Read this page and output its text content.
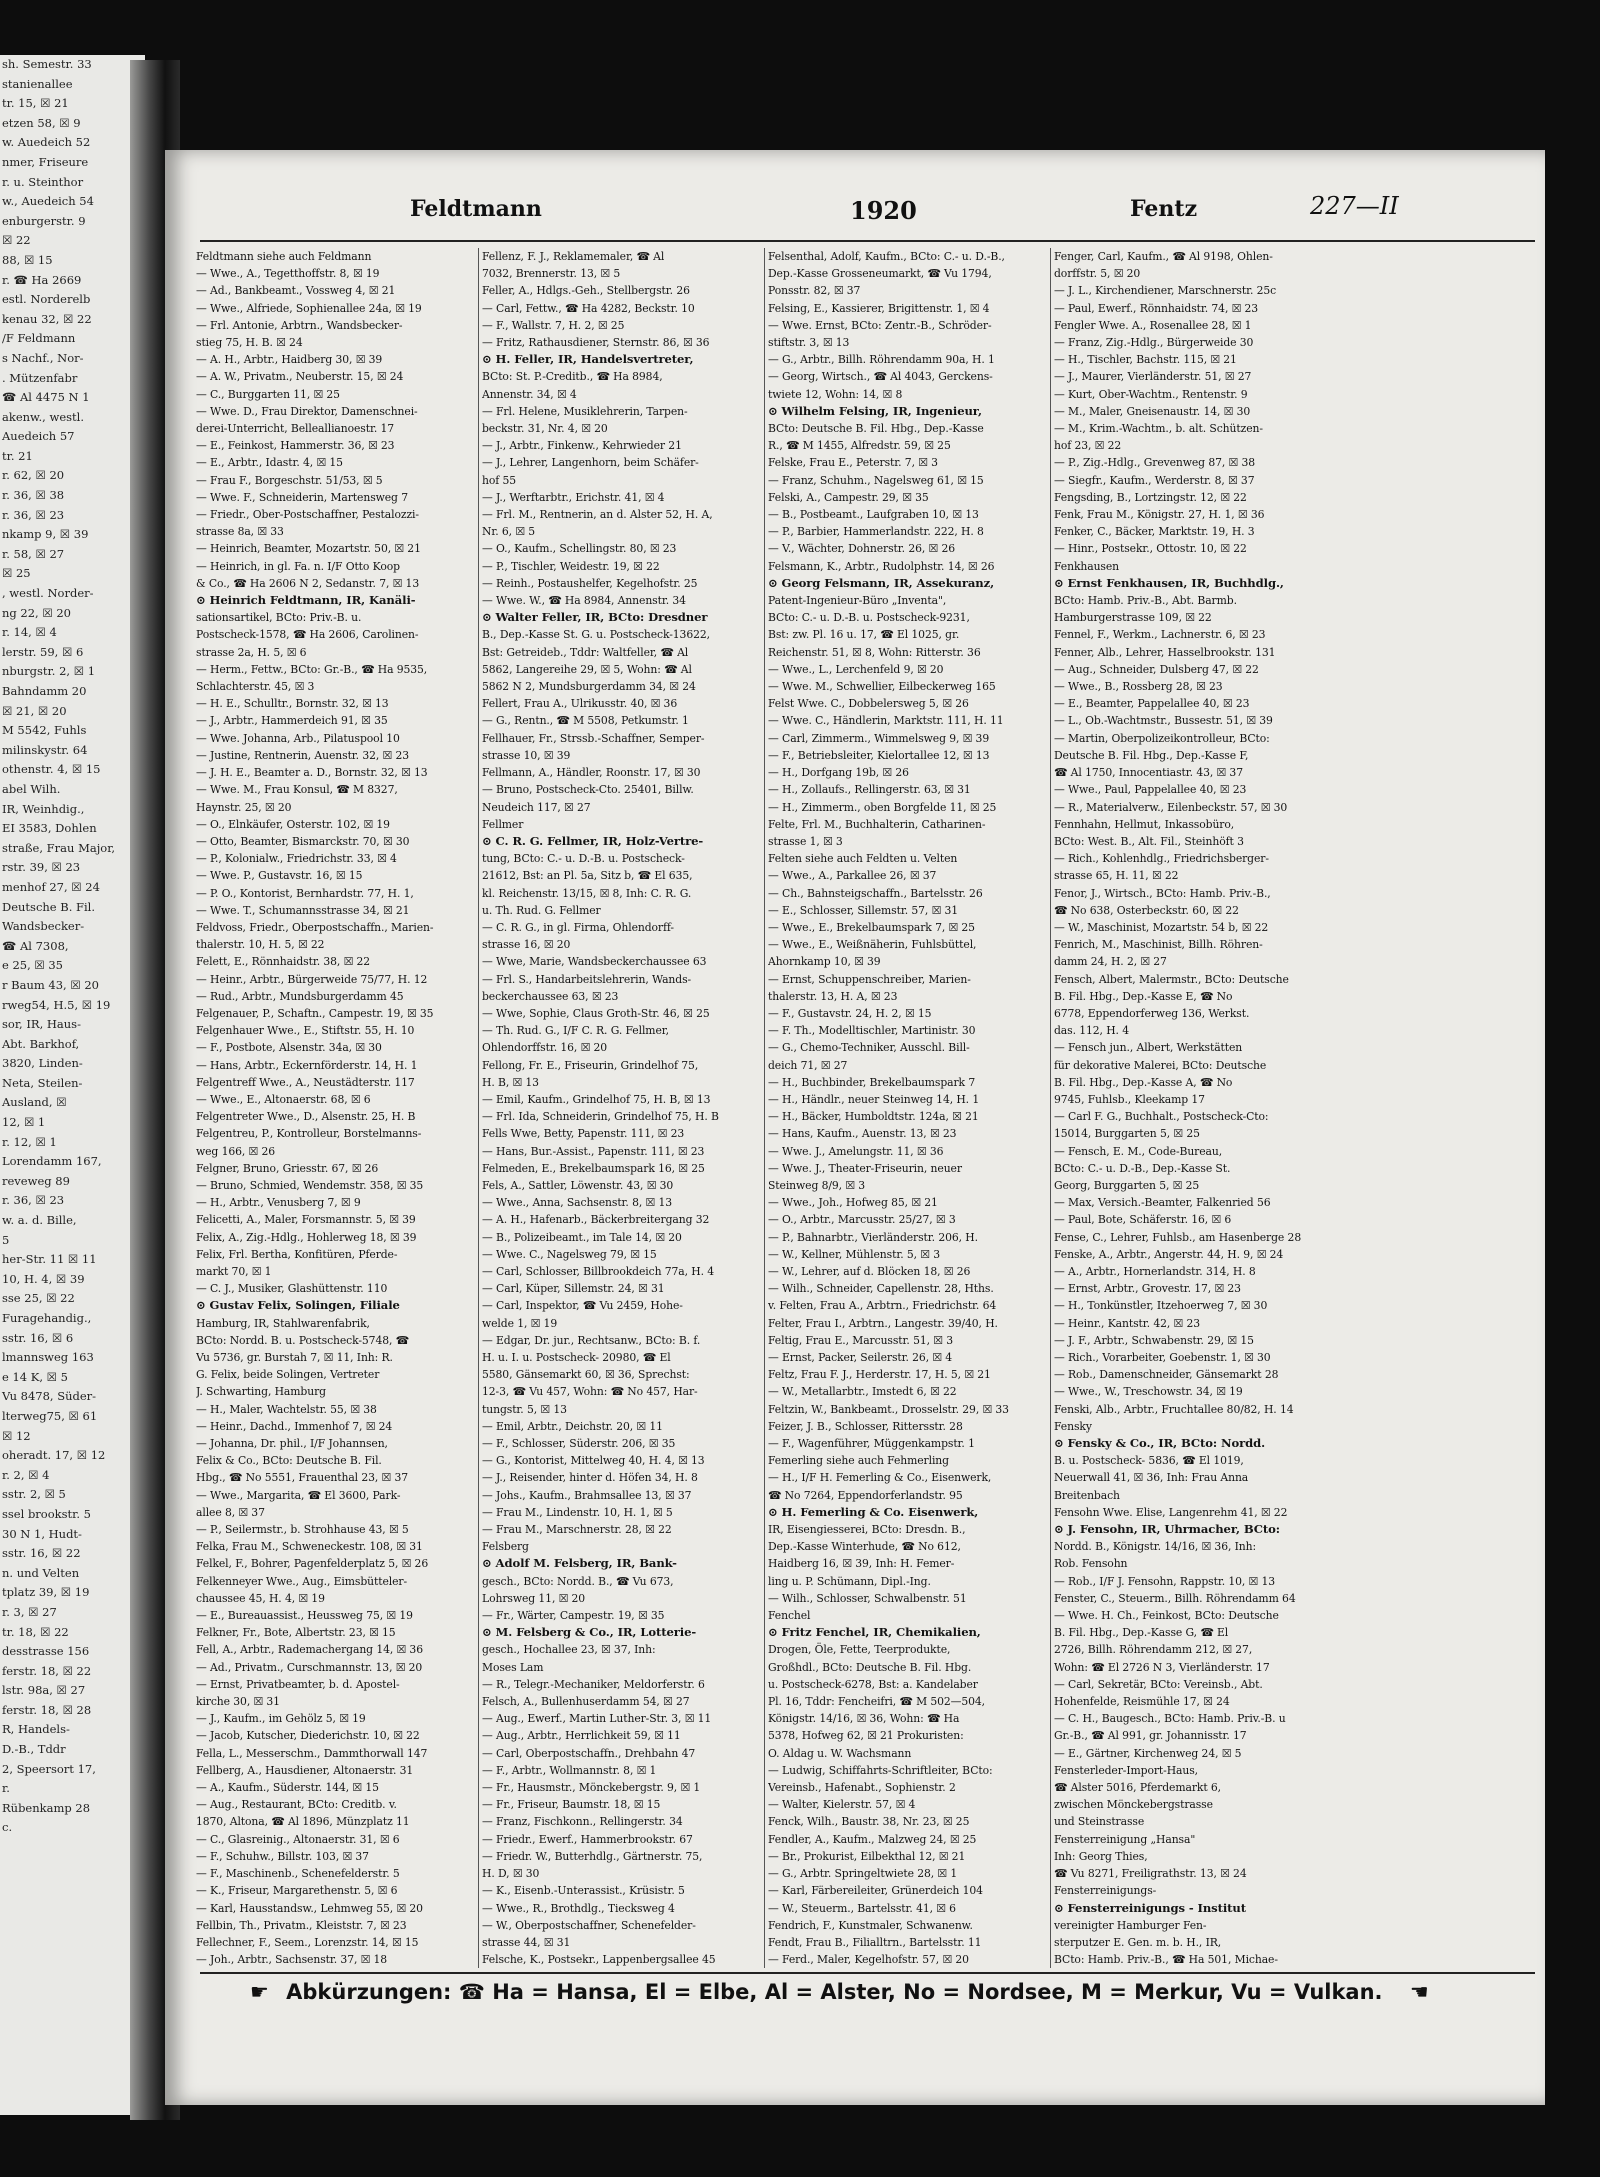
sh. Semestr. 33
stanienallee
tr. 15, ☒ 21
etzen 58, ☒ 9
w. Auedeich 52
nmer, Friseure
r. u. Steinthor
w., Auedeich 54
enburgerstr. 9
☒ 22
88, ☒ 15
r. ☎ Ha 2669
estl. Norderelb
kenau 32, ☒ 22
/F Feldmann
s Nachf., Nor-
. Mützenfabr
☎ Al 4475 N 1
akenw., westl.
Auedeich 57
tr. 21
r. 62, ☒ 20
r. 36, ☒ 38
r. 36, ☒ 23
nkamp 9, ☒ 39
r. 58, ☒ 27
☒ 25
, westl. Norder-
ng 22, ☒ 20
r. 14, ☒ 4
lerstr. 59, ☒ 6
nburgstr. 2, ☒ 1
Bahndamm 20
☒ 21, ☒ 20
M 5542, Fuhls
milinskystr. 64
othenstr. 4, ☒ 15
abel Wilh.
IR, Weinhdig.,
EI 3583, Dohlen
straße, Frau Major,
rstr. 39, ☒ 23
menhof 27, ☒ 24
Deutsche B. Fil.
Wandsbecker-
☎ Al 7308,
e 25, ☒ 35
r Baum 43, ☒ 20
rweg54, H.5, ☒ 19
sor, IR, Haus-
Abt. Barkhof,
3820, Linden-
Neta, Steilen-
Ausland, ☒
12, ☒ 1
r. 12, ☒ 1
Lorendamm 167,
reveweg 89
r. 36, ☒ 23
w. a. d. Bille,
5
her-Str. 11 ☒ 11
10, H. 4, ☒ 39
sse 25, ☒ 22
Furagehandig.,
sstr. 16, ☒ 6
lmannsweg 163
e 14 K, ☒ 5
Vu 8478, Süder-
lterweg75, ☒ 61
☒ 12
oheradt. 17, ☒ 12
r. 2, ☒ 4
sstr. 2, ☒ 5
ssel brookstr. 5
30 N 1, Hudt-
sstr. 16, ☒ 22
n. und Velten
tplatz 39, ☒ 19
r. 3, ☒ 27
tr. 18, ☒ 22
desstrasse 156
ferstr. 18, ☒ 22
lstr. 98a, ☒ 27
ferstr. 18, ☒ 28
R, Handels-
D.-B., Tddr
2, Speersort 17,
r.
Rübenkamp 28
c.
Feldtmann	1920	Fentz	227—II
Feldtmann siehe auch Feldmann
— Wwe., A., Tegetthoffstr. 8, ☒ 19
— Ad., Bankbeamt., Vossweg 4, ☒ 21
— Wwe., Alfriede, Sophienallee 24a, ☒ 19
— Frl. Antonie, Arbtrn., Wandsbecker-
stieg 75, H. B. ☒ 24
— A. H., Arbtr., Haidberg 30, ☒ 39
— A. W., Privatm., Neuberstr. 15, ☒ 24
— C., Burggarten 11, ☒ 25
— Wwe. D., Frau Direktor, Damenschnei-
derei-Unterricht, Belleallianoestr. 17
— E., Feinkost, Hammerstr. 36, ☒ 23
— E., Arbtr., Idastr. 4, ☒ 15
— Frau F., Borgeschstr. 51/53, ☒ 5
— Wwe. F., Schneiderin, Martensweg 7
— Friedr., Ober-Postschaffner, Pestalozzi-
strasse 8a, ☒ 33
— Heinrich, Beamter, Mozartstr. 50, ☒ 21
— Heinrich, in gl. Fa. n. I/F Otto Koop
& Co., ☎ Ha 2606 N 2, Sedanstr. 7, ☒ 13
⊙ Heinrich Feldtmann, IR, Kanäli-
sationsartikel, BCto: Priv.-B. u.
Postscheck-1578, ☎ Ha 2606, Carolinen-
strasse 2a, H. 5, ☒ 6
— Herm., Fettw., BCto: Gr.-B., ☎ Ha 9535,
Schlachterstr. 45, ☒ 3
— H. E., Schulltr., Bornstr. 32, ☒ 13
— J., Arbtr., Hammerdeich 91, ☒ 35
— Wwe. Johanna, Arb., Pilatuspool 10
— Justine, Rentnerin, Auenstr. 32, ☒ 23
— J. H. E., Beamter a. D., Bornstr. 32, ☒ 13
— Wwe. M., Frau Konsul, ☎ M 8327,
Haynstr. 25, ☒ 20
— O., Elnkäufer, Osterstr. 102, ☒ 19
— Otto, Beamter, Bismarckstr. 70, ☒ 30
— P., Kolonialw., Friedrichstr. 33, ☒ 4
— Wwe. P., Gustavstr. 16, ☒ 15
— P. O., Kontorist, Bernhardstr. 77, H. 1,
— Wwe. T., Schumannsstrasse 34, ☒ 21
Feldvoss, Friedr., Oberpostschaffn., Marien-
thalerstr. 10, H. 5, ☒ 22
Felett, E., Rönnhaidstr. 38, ☒ 22
— Heinr., Arbtr., Bürgerweide 75/77, H. 12
— Rud., Arbtr., Mundsburgerdamm 45
Felgenauer, P., Schaftn., Campestr. 19, ☒ 35
Felgenhauer Wwe., E., Stiftstr. 55, H. 10
— F., Postbote, Alsenstr. 34a, ☒ 30
— Hans, Arbtr., Eckernförderstr. 14, H. 1
Felgentreff Wwe., A., Neustädterstr. 117
— Wwe., E., Altonaerstr. 68, ☒ 6
Felgentreter Wwe., D., Alsenstr. 25, H. B
Felgentreu, P., Kontrolleur, Borstelmanns-
weg 166, ☒ 26
Felgner, Bruno, Griesstr. 67, ☒ 26
— Bruno, Schmied, Wendemstr. 358, ☒ 35
— H., Arbtr., Venusberg 7, ☒ 9
Felicetti, A., Maler, Forsmannstr. 5, ☒ 39
Felix, A., Zig.-Hdlg., Hohlerweg 18, ☒ 39
Felix, Frl. Bertha, Konfitüren, Pferde-
markt 70, ☒ 1
— C. J., Musiker, Glashüttenstr. 110
⊙ Gustav Felix, Solingen, Filiale
Hamburg, IR, Stahlwarenfabrik,
BCto: Nordd. B. u. Postscheck-5748, ☎
Vu 5736, gr. Burstah 7, ☒ 11, Inh: R.
G. Felix, beide Solingen, Vertreter
J. Schwarting, Hamburg
— H., Maler, Wachtelstr. 55, ☒ 38
— Heinr., Dachd., Immenhof 7, ☒ 24
— Johanna, Dr. phil., I/F Johannsen,
Felix & Co., BCto: Deutsche B. Fil.
Hbg., ☎ No 5551, Frauenthal 23, ☒ 37
— Wwe., Margarita, ☎ El 3600, Park-
allee 8, ☒ 37
— P., Seilermstr., b. Strohhause 43, ☒ 5
Felka, Frau M., Schweneckestr. 108, ☒ 31
Felkel, F., Bohrer, Pagenfelderplatz 5, ☒ 26
Felkenneyer Wwe., Aug., Eimsbütteler-
chaussee 45, H. 4, ☒ 19
— E., Bureauassist., Heussweg 75, ☒ 19
Felkner, Fr., Bote, Albertstr. 23, ☒ 15
Fell, A., Arbtr., Rademachergang 14, ☒ 36
— Ad., Privatm., Curschmannstr. 13, ☒ 20
— Ernst, Privatbeamter, b. d. Apostel-
kirche 30, ☒ 31
— J., Kaufm., im Gehölz 5, ☒ 19
— Jacob, Kutscher, Diederichstr. 10, ☒ 22
Fella, L., Messerschm., Dammthorwall 147
Fellberg, A., Hausdiener, Altonaerstr. 31
— A., Kaufm., Süderstr. 144, ☒ 15
— Aug., Restaurant, BCto: Creditb. v.
1870, Altona, ☎ Al 1896, Münzplatz 11
— C., Glasreinig., Altonaerstr. 31, ☒ 6
— F., Schuhw., Billstr. 103, ☒ 37
— F., Maschinenb., Schenefelderstr. 5
— K., Friseur, Margarethenstr. 5, ☒ 6
— Karl, Hausstandsw., Lehmweg 55, ☒ 20
Fellbin, Th., Privatm., Kleiststr. 7, ☒ 23
Fellechner, F., Seem., Lorenzstr. 14, ☒ 15
— Joh., Arbtr., Sachsenstr. 37, ☒ 18
Fellenz, F. J., Reklamemaler, ☎ Al
7032, Brennerstr. 13, ☒ 5
Feller, A., Hdlgs.-Geh., Stellbergstr. 26
— Carl, Fettw., ☎ Ha 4282, Beckstr. 10
— F., Wallstr. 7, H. 2, ☒ 25
— Fritz, Rathausdiener, Sternstr. 86, ☒ 36
⊙ H. Feller, IR, Handelsvertreter,
BCto: St. P.-Creditb., ☎ Ha 8984,
Annenstr. 34, ☒ 4
— Frl. Helene, Musiklehrerin, Tarpen-
beckstr. 31, Nr. 4, ☒ 20
— J., Arbtr., Finkenw., Kehrwieder 21
— J., Lehrer, Langenhorn, beim Schäfer-
hof 55
— J., Werftarbtr., Erichstr. 41, ☒ 4
— Frl. M., Rentnerin, an d. Alster 52, H. A,
Nr. 6, ☒ 5
— O., Kaufm., Schellingstr. 80, ☒ 23
— P., Tischler, Weidestr. 19, ☒ 22
— Reinh., Postaushelfer, Kegelhofstr. 25
— Wwe. W., ☎ Ha 8984, Annenstr. 34
⊙ Walter Feller, IR, BCto: Dresdner
B., Dep.-Kasse St. G. u. Postscheck-13622,
Bst: Getreideb., Tddr: Waltfeller, ☎ Al
5862, Langereihe 29, ☒ 5, Wohn: ☎ Al
5862 N 2, Mundsburgerdamm 34, ☒ 24
Fellert, Frau A., Ulrikusstr. 40, ☒ 36
— G., Rentn., ☎ M 5508, Petkumstr. 1
Fellhauer, Fr., Strssb.-Schaffner, Semper-
strasse 10, ☒ 39
Fellmann, A., Händler, Roonstr. 17, ☒ 30
— Bruno, Postscheck-Cto. 25401, Billw.
Neudeich 117, ☒ 27
Fellmer
⊙ C. R. G. Fellmer, IR, Holz-Vertre-
tung, BCto: C.- u. D.-B. u. Postscheck-
21612, Bst: an Pl. 5a, Sitz b, ☎ El 635,
kl. Reichenstr. 13/15, ☒ 8, Inh: C. R. G.
u. Th. Rud. G. Fellmer
— C. R. G., in gl. Firma, Ohlendorff-
strasse 16, ☒ 20
— Wwe, Marie, Wandsbeckerchaussee 63
— Frl. S., Handarbeitslehrerin, Wands-
beckerchaussee 63, ☒ 23
— Wwe, Sophie, Claus Groth-Str. 46, ☒ 25
— Th. Rud. G., I/F C. R. G. Fellmer,
Ohlendorffstr. 16, ☒ 20
Fellong, Fr. E., Friseurin, Grindelhof 75,
H. B, ☒ 13
— Emil, Kaufm., Grindelhof 75, H. B, ☒ 13
— Frl. Ida, Schneiderin, Grindelhof 75, H. B
Fells Wwe, Betty, Papenstr. 111, ☒ 23
— Hans, Bur.-Assist., Papenstr. 111, ☒ 23
Felmeden, E., Brekelbaumspark 16, ☒ 25
Fels, A., Sattler, Löwenstr. 43, ☒ 30
— Wwe., Anna, Sachsenstr. 8, ☒ 13
— A. H., Hafenarb., Bäckerbreitergang 32
— B., Polizeibeamt., im Tale 14, ☒ 20
— Wwe. C., Nagelsweg 79, ☒ 15
— Carl, Schlosser, Billbrookdeich 77a, H. 4
— Carl, Küper, Sillemstr. 24, ☒ 31
— Carl, Inspektor, ☎ Vu 2459, Hohe-
welde 1, ☒ 19
— Edgar, Dr. jur., Rechtsanw., BCto: B. f.
H. u. I. u. Postscheck- 20980, ☎ El
5580, Gänsemarkt 60, ☒ 36, Sprechst:
12-3, ☎ Vu 457, Wohn: ☎ No 457, Har-
tungstr. 5, ☒ 13
— Emil, Arbtr., Deichstr. 20, ☒ 11
— F., Schlosser, Süderstr. 206, ☒ 35
— G., Kontorist, Mittelweg 40, H. 4, ☒ 13
— J., Reisender, hinter d. Höfen 34, H. 8
— Johs., Kaufm., Brahmsallee 13, ☒ 37
— Frau M., Lindenstr. 10, H. 1, ☒ 5
— Frau M., Marschnerstr. 28, ☒ 22
Felsberg
⊙ Adolf M. Felsberg, IR, Bank-
gesch., BCto: Nordd. B., ☎ Vu 673,
Lohrsweg 11, ☒ 20
— Fr., Wärter, Campestr. 19, ☒ 35
⊙ M. Felsberg & Co., IR, Lotterie-
gesch., Hochallee 23, ☒ 37, Inh:
Moses Lam
— R., Telegr.-Mechaniker, Meldorferstr. 6
Felsch, A., Bullenhuserdamm 54, ☒ 27
— Aug., Ewerf., Martin Luther-Str. 3, ☒ 11
— Aug., Arbtr., Herrlichkeit 59, ☒ 11
— Carl, Oberpostschaffn., Drehbahn 47
— F., Arbtr., Wollmannstr. 8, ☒ 1
— Fr., Hausmstr., Mönckebergstr. 9, ☒ 1
— Fr., Friseur, Baumstr. 18, ☒ 15
— Franz, Fischkonn., Rellingerstr. 34
— Friedr., Ewerf., Hammerbrookstr. 67
— Friedr. W., Butterhdlg., Gärtnerstr. 75,
H. D, ☒ 30
— K., Eisenb.-Unterassist., Krüsistr. 5
— Wwe., R., Brothdlg., Tiecksweg 4
— W., Oberpostschaffner, Schenefelder-
strasse 44, ☒ 31
Felsche, K., Postsekr., Lappenbergsallee 45
Felsenthal, Adolf, Kaufm., BCto: C.- u. D.-B.,
Dep.-Kasse Grosseneumarkt, ☎ Vu 1794,
Ponsstr. 82, ☒ 37
Felsing, E., Kassierer, Brigittenstr. 1, ☒ 4
— Wwe. Ernst, BCto: Zentr.-B., Schröder-
stiftstr. 3, ☒ 13
— G., Arbtr., Billh. Röhrendamm 90a, H. 1
— Georg, Wirtsch., ☎ Al 4043, Gerckens-
twiete 12, Wohn: 14, ☒ 8
⊙ Wilhelm Felsing, IR, Ingenieur,
BCto: Deutsche B. Fil. Hbg., Dep.-Kasse
R., ☎ M 1455, Alfredstr. 59, ☒ 25
Felske, Frau E., Peterstr. 7, ☒ 3
— Franz, Schuhm., Nagelsweg 61, ☒ 15
Felski, A., Campestr. 29, ☒ 35
— B., Postbeamt., Laufgraben 10, ☒ 13
— P., Barbier, Hammerlandstr. 222, H. 8
— V., Wächter, Dohnerstr. 26, ☒ 26
Felsmann, K., Arbtr., Rudolphstr. 14, ☒ 26
⊙ Georg Felsmann, IR, Assekuranz,
Patent-Ingenieur-Büro „Inventa",
BCto: C.- u. D.-B. u. Postscheck-9231,
Bst: zw. Pl. 16 u. 17, ☎ El 1025, gr.
Reichenstr. 51, ☒ 8, Wohn: Ritterstr. 36
— Wwe., L., Lerchenfeld 9, ☒ 20
— Wwe. M., Schwellier, Eilbeckerweg 165
Felst Wwe. C., Dobbelersweg 5, ☒ 26
— Wwe. C., Händlerin, Marktstr. 111, H. 11
— Carl, Zimmerm., Wimmelsweg 9, ☒ 39
— F., Betriebsleiter, Kielortallee 12, ☒ 13
— H., Dorfgang 19b, ☒ 26
— H., Zollaufs., Rellingerstr. 63, ☒ 31
— H., Zimmerm., oben Borgfelde 11, ☒ 25
Felte, Frl. M., Buchhalterin, Catharinen-
strasse 1, ☒ 3
Felten siehe auch Feldten u. Velten
— Wwe., A., Parkallee 26, ☒ 37
— Ch., Bahnsteigschaffn., Bartelsstr. 26
— E., Schlosser, Sillemstr. 57, ☒ 31
— Wwe., E., Brekelbaumspark 7, ☒ 25
— Wwe., E., Weißnäherin, Fuhlsbüttel,
Ahornkamp 10, ☒ 39
— Ernst, Schuppenschreiber, Marien-
thalerstr. 13, H. A, ☒ 23
— F., Gustavstr. 24, H. 2, ☒ 15
— F. Th., Modelltischler, Martinistr. 30
— G., Chemo-Techniker, Ausschl. Bill-
deich 71, ☒ 27
— H., Buchbinder, Brekelbaumspark 7
— H., Händlr., neuer Steinweg 14, H. 1
— H., Bäcker, Humboldtstr. 124a, ☒ 21
— Hans, Kaufm., Auenstr. 13, ☒ 23
— Wwe. J., Amelungstr. 11, ☒ 36
— Wwe. J., Theater-Friseurin, neuer
Steinweg 8/9, ☒ 3
— Wwe., Joh., Hofweg 85, ☒ 21
— O., Arbtr., Marcusstr. 25/27, ☒ 3
— P., Bahnarbtr., Vierländerstr. 206, H.
— W., Kellner, Mühlenstr. 5, ☒ 3
— W., Lehrer, auf d. Blöcken 18, ☒ 26
— Wilh., Schneider, Capellenstr. 28, Hths.
v. Felten, Frau A., Arbtrn., Friedrichstr. 64
Felter, Frau I., Arbtrn., Langestr. 39/40, H.
Feltig, Frau E., Marcusstr. 51, ☒ 3
— Ernst, Packer, Seilerstr. 26, ☒ 4
Feltz, Frau F. J., Herderstr. 17, H. 5, ☒ 21
— W., Metallarbtr., Imstedt 6, ☒ 22
Feltzin, W., Bankbeamt., Drosselstr. 29, ☒ 33
Feizer, J. B., Schlosser, Rittersstr. 28
— F., Wagenführer, Müggenkampstr. 1
Femerling siehe auch Fehmerling
— H., I/F H. Femerling & Co., Eisenwerk,
☎ No 7264, Eppendorferlandstr. 95
⊙ H. Femerling & Co. Eisenwerk,
IR, Eisengiesserei, BCto: Dresdn. B.,
Dep.-Kasse Winterhude, ☎ No 612,
Haidberg 16, ☒ 39, Inh: H. Femer-
ling u. P. Schümann, Dipl.-Ing.
— Wilh., Schlosser, Schwalbenstr. 51
Fenchel
⊙ Fritz Fenchel, IR, Chemikalien,
Drogen, Öle, Fette, Teerprodukte,
Großhdl., BCto: Deutsche B. Fil. Hbg.
u. Postscheck-6278, Bst: a. Kandelaber
Pl. 16, Tddr: Fencheifri, ☎ M 502—504,
Königstr. 14/16, ☒ 36, Wohn: ☎ Ha
5378, Hofweg 62, ☒ 21 Prokuristen:
O. Aldag u. W. Wachsmann
— Ludwig, Schiffahrts-Schriftleiter, BCto:
Vereinsb., Hafenabt., Sophienstr. 2
— Walter, Kielerstr. 57, ☒ 4
Fenck, Wilh., Baustr. 38, Nr. 23, ☒ 25
Fendler, A., Kaufm., Malzweg 24, ☒ 25
— Br., Prokurist, Eilbekthal 12, ☒ 21
— G., Arbtr. Springeltwiete 28, ☒ 1
— Karl, Färbereileiter, Grünerdeich 104
— W., Steuerm., Bartelsstr. 41, ☒ 6
Fendrich, F., Kunstmaler, Schwanenw.
Fendt, Frau B., Filialltrn., Bartelsstr. 11
— Ferd., Maler, Kegelhofstr. 57, ☒ 20
Fenger, Carl, Kaufm., ☎ Al 9198, Ohlen-
dorffstr. 5, ☒ 20
— J. L., Kirchendiener, Marschnerstr. 25c
— Paul, Ewerf., Rönnhaidstr. 74, ☒ 23
Fengler Wwe. A., Rosenallee 28, ☒ 1
— Franz, Zig.-Hdlg., Bürgerweide 30
— H., Tischler, Bachstr. 115, ☒ 21
— J., Maurer, Vierländerstr. 51, ☒ 27
— Kurt, Ober-Wachtm., Rentenstr. 9
— M., Maler, Gneisenaustr. 14, ☒ 30
— M., Krim.-Wachtm., b. alt. Schützen-
hof 23, ☒ 22
— P., Zig.-Hdlg., Grevenweg 87, ☒ 38
— Siegfr., Kaufm., Werderstr. 8, ☒ 37
Fengsding, B., Lortzingstr. 12, ☒ 22
Fenk, Frau M., Königstr. 27, H. 1, ☒ 36
Fenker, C., Bäcker, Marktstr. 19, H. 3
— Hinr., Postsekr., Ottostr. 10, ☒ 22
Fenkhausen
⊙ Ernst Fenkhausen, IR, Buchhdlg.,
BCto: Hamb. Priv.-B., Abt. Barmb.
Hamburgerstrasse 109, ☒ 22
Fennel, F., Werkm., Lachnerstr. 6, ☒ 23
Fenner, Alb., Lehrer, Hasselbrookstr. 131
— Aug., Schneider, Dulsberg 47, ☒ 22
— Wwe., B., Rossberg 28, ☒ 23
— E., Beamter, Pappelallee 40, ☒ 23
— L., Ob.-Wachtmstr., Bussestr. 51, ☒ 39
— Martin, Oberpolizeikontrolleur, BCto:
Deutsche B. Fil. Hbg., Dep.-Kasse F,
☎ Al 1750, Innocentiastr. 43, ☒ 37
— Wwe., Paul, Pappelallee 40, ☒ 23
— R., Materialverw., Eilenbeckstr. 57, ☒ 30
Fennhahn, Hellmut, Inkassobüro,
BCto: West. B., Alt. Fil., Steinhöft 3
— Rich., Kohlenhdlg., Friedrichsberger-
strasse 65, H. 11, ☒ 22
Fenor, J., Wirtsch., BCto: Hamb. Priv.-B.,
☎ No 638, Osterbeckstr. 60, ☒ 22
— W., Maschinist, Mozartstr. 54 b, ☒ 22
Fenrich, M., Maschinist, Billh. Röhren-
damm 24, H. 2, ☒ 27
Fensch, Albert, Malermstr., BCto: Deutsche
B. Fil. Hbg., Dep.-Kasse E, ☎ No
6778, Eppendorferweg 136, Werkst.
das. 112, H. 4
— Fensch jun., Albert, Werkstätten
für dekorative Malerei, BCto: Deutsche
B. Fil. Hbg., Dep.-Kasse A, ☎ No
9745, Fuhlsb., Kleekamp 17
— Carl F. G., Buchhalt., Postscheck-Cto:
15014, Burggarten 5, ☒ 25
— Fensch, E. M., Code-Bureau,
BCto: C.- u. D.-B., Dep.-Kasse St.
Georg, Burggarten 5, ☒ 25
— Max, Versich.-Beamter, Falkenried 56
— Paul, Bote, Schäferstr. 16, ☒ 6
Fense, C., Lehrer, Fuhlsb., am Hasenberge 28
Fenske, A., Arbtr., Angerstr. 44, H. 9, ☒ 24
— A., Arbtr., Hornerlandstr. 314, H. 8
— Ernst, Arbtr., Grovestr. 17, ☒ 23
— H., Tonkünstler, Itzehoerweg 7, ☒ 30
— Heinr., Kantstr. 42, ☒ 23
— J. F., Arbtr., Schwabenstr. 29, ☒ 15
— Rich., Vorarbeiter, Goebenstr. 1, ☒ 30
— Rob., Damenschneider, Gänsemarkt 28
— Wwe., W., Treschowstr. 34, ☒ 19
Fenski, Alb., Arbtr., Fruchtallee 80/82, H. 14
Fensky
⊙ Fensky & Co., IR, BCto: Nordd.
B. u. Postscheck- 5836, ☎ El 1019,
Neuerwall 41, ☒ 36, Inh: Frau Anna
Breitenbach
Fensohn Wwe. Elise, Langenrehm 41, ☒ 22
⊙ J. Fensohn, IR, Uhrmacher, BCto:
Nordd. B., Königstr. 14/16, ☒ 36, Inh:
Rob. Fensohn
— Rob., I/F J. Fensohn, Rappstr. 10, ☒ 13
Fenster, C., Steuerm., Billh. Röhrendamm 64
— Wwe. H. Ch., Feinkost, BCto: Deutsche
B. Fil. Hbg., Dep.-Kasse G, ☎ El
2726, Billh. Röhrendamm 212, ☒ 27,
Wohn: ☎ El 2726 N 3, Vierländerstr. 17
— Carl, Sekretär, BCto: Vereinsb., Abt.
Hohenfelde, Reismühle 17, ☒ 24
— C. H., Baugesch., BCto: Hamb. Priv.-B. u
Gr.-B., ☎ Al 991, gr. Johannisstr. 17
— E., Gärtner, Kirchenweg 24, ☒ 5
Fensterleder-Import-Haus,
☎ Alster 5016, Pferdemarkt 6,
zwischen Mönckebergstrasse
und Steinstrasse
Fensterreinigung „Hansa"
Inh: Georg Thies,
☎ Vu 8271, Freiligrathstr. 13, ☒ 24
Fensterreinigungs-
⊙ Fensterreinigungs - Institut
vereinigter Hamburger Fen-
sterputzer E. Gen. m. b. H., IR,
BCto: Hamb. Priv.-B., ☎ Ha 501, Michae-
☛ Abkürzungen: ☎ Ha = Hansa, El = Elbe, Al = Alster, No = Nordsee, M = Merkur, Vu = Vulkan. ☚
